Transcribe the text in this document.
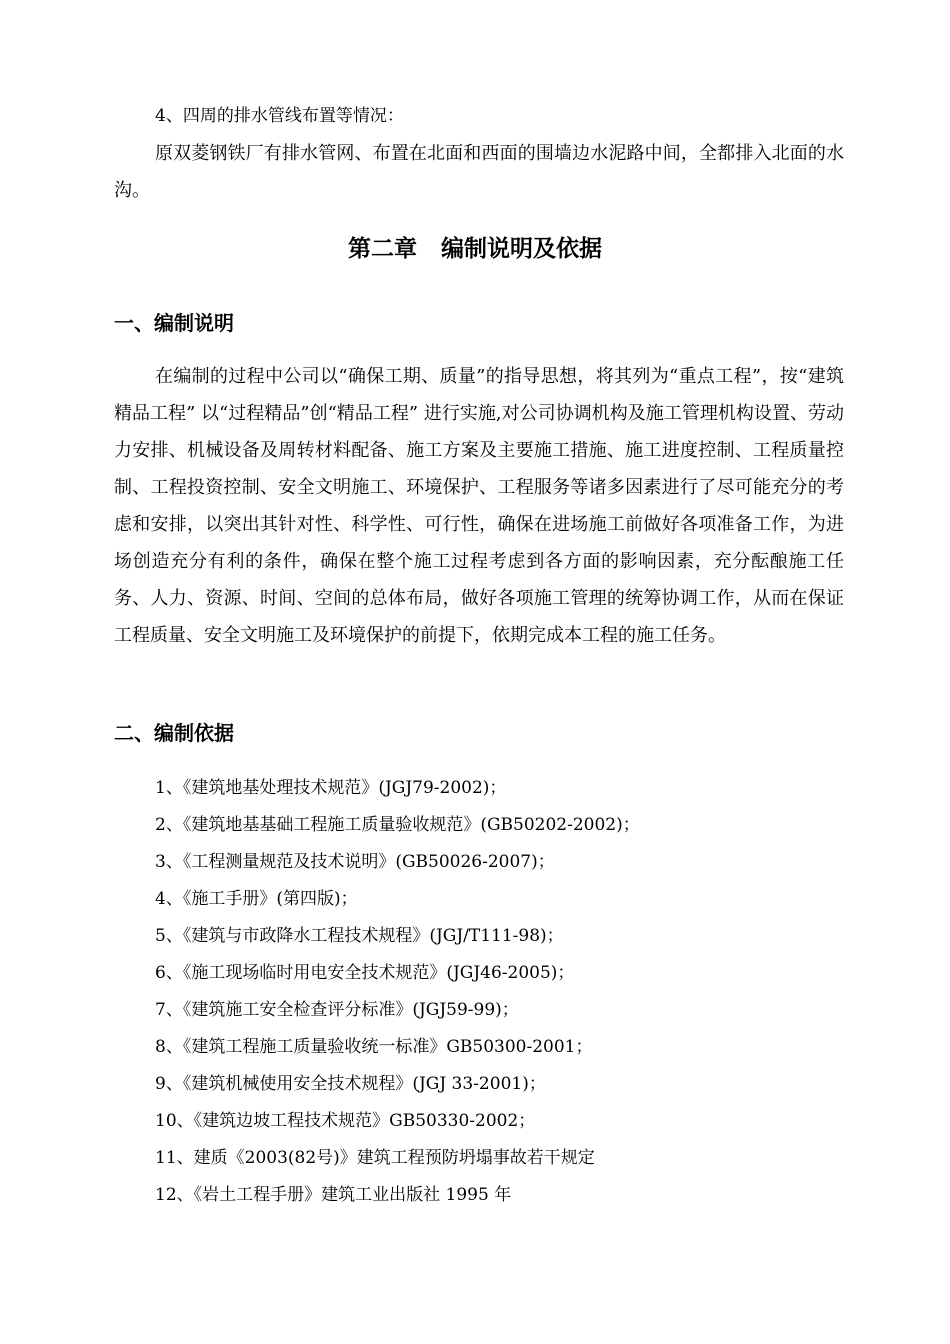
4、四周的排水管线布置等情况：

原双菱钢铁厂有排水管网、布置在北面和西面的围墙边水泥路中间，全都排入北面的水沟。

第二章   编制说明及依据
一、编制说明

在编制的过程中公司以“确保工期、质量”的指导思想，将其列为“重点工程”，按“建筑精品工程” 以“过程精品”创“精品工程” 进行实施,对公司协调机构及施工管理机构设置、劳动力安排、机械设备及周转材料配备、施工方案及主要施工措施、施工进度控制、工程质量控制、工程投资控制、安全文明施工、环境保护、工程服务等诸多因素进行了尽可能充分的考虑和安排，以突出其针对性、科学性、可行性，确保在进场施工前做好各项准备工作，为进场创造充分有利的条件，确保在整个施工过程考虑到各方面的影响因素，充分酝酿施工任务、人力、资源、时间、空间的总体布局，做好各项施工管理的统筹协调工作，从而在保证工程质量、安全文明施工及环境保护的前提下，依期完成本工程的施工任务。

二、编制依据

1、《建筑地基处理技术规范》(JGJ79-2002)；

2、《建筑地基基础工程施工质量验收规范》(GB50202-2002)；

3、《工程测量规范及技术说明》(GB50026-2007)；

4、《施工手册》(第四版)；

5、《建筑与市政降水工程技术规程》(JGJ/T111-98)；

6、《施工现场临时用电安全技术规范》(JGJ46-2005)；

7、《建筑施工安全检查评分标准》(JGJ59-99)；

8、《建筑工程施工质量验收统一标准》GB50300-2001；

9、《建筑机械使用安全技术规程》(JGJ 33-2001)；

10、《建筑边坡工程技术规范》GB50330-2002；

11、建质《2003(82号)》建筑工程预防坍塌事故若干规定

12、《岩土工程手册》建筑工业出版社 1995 年
